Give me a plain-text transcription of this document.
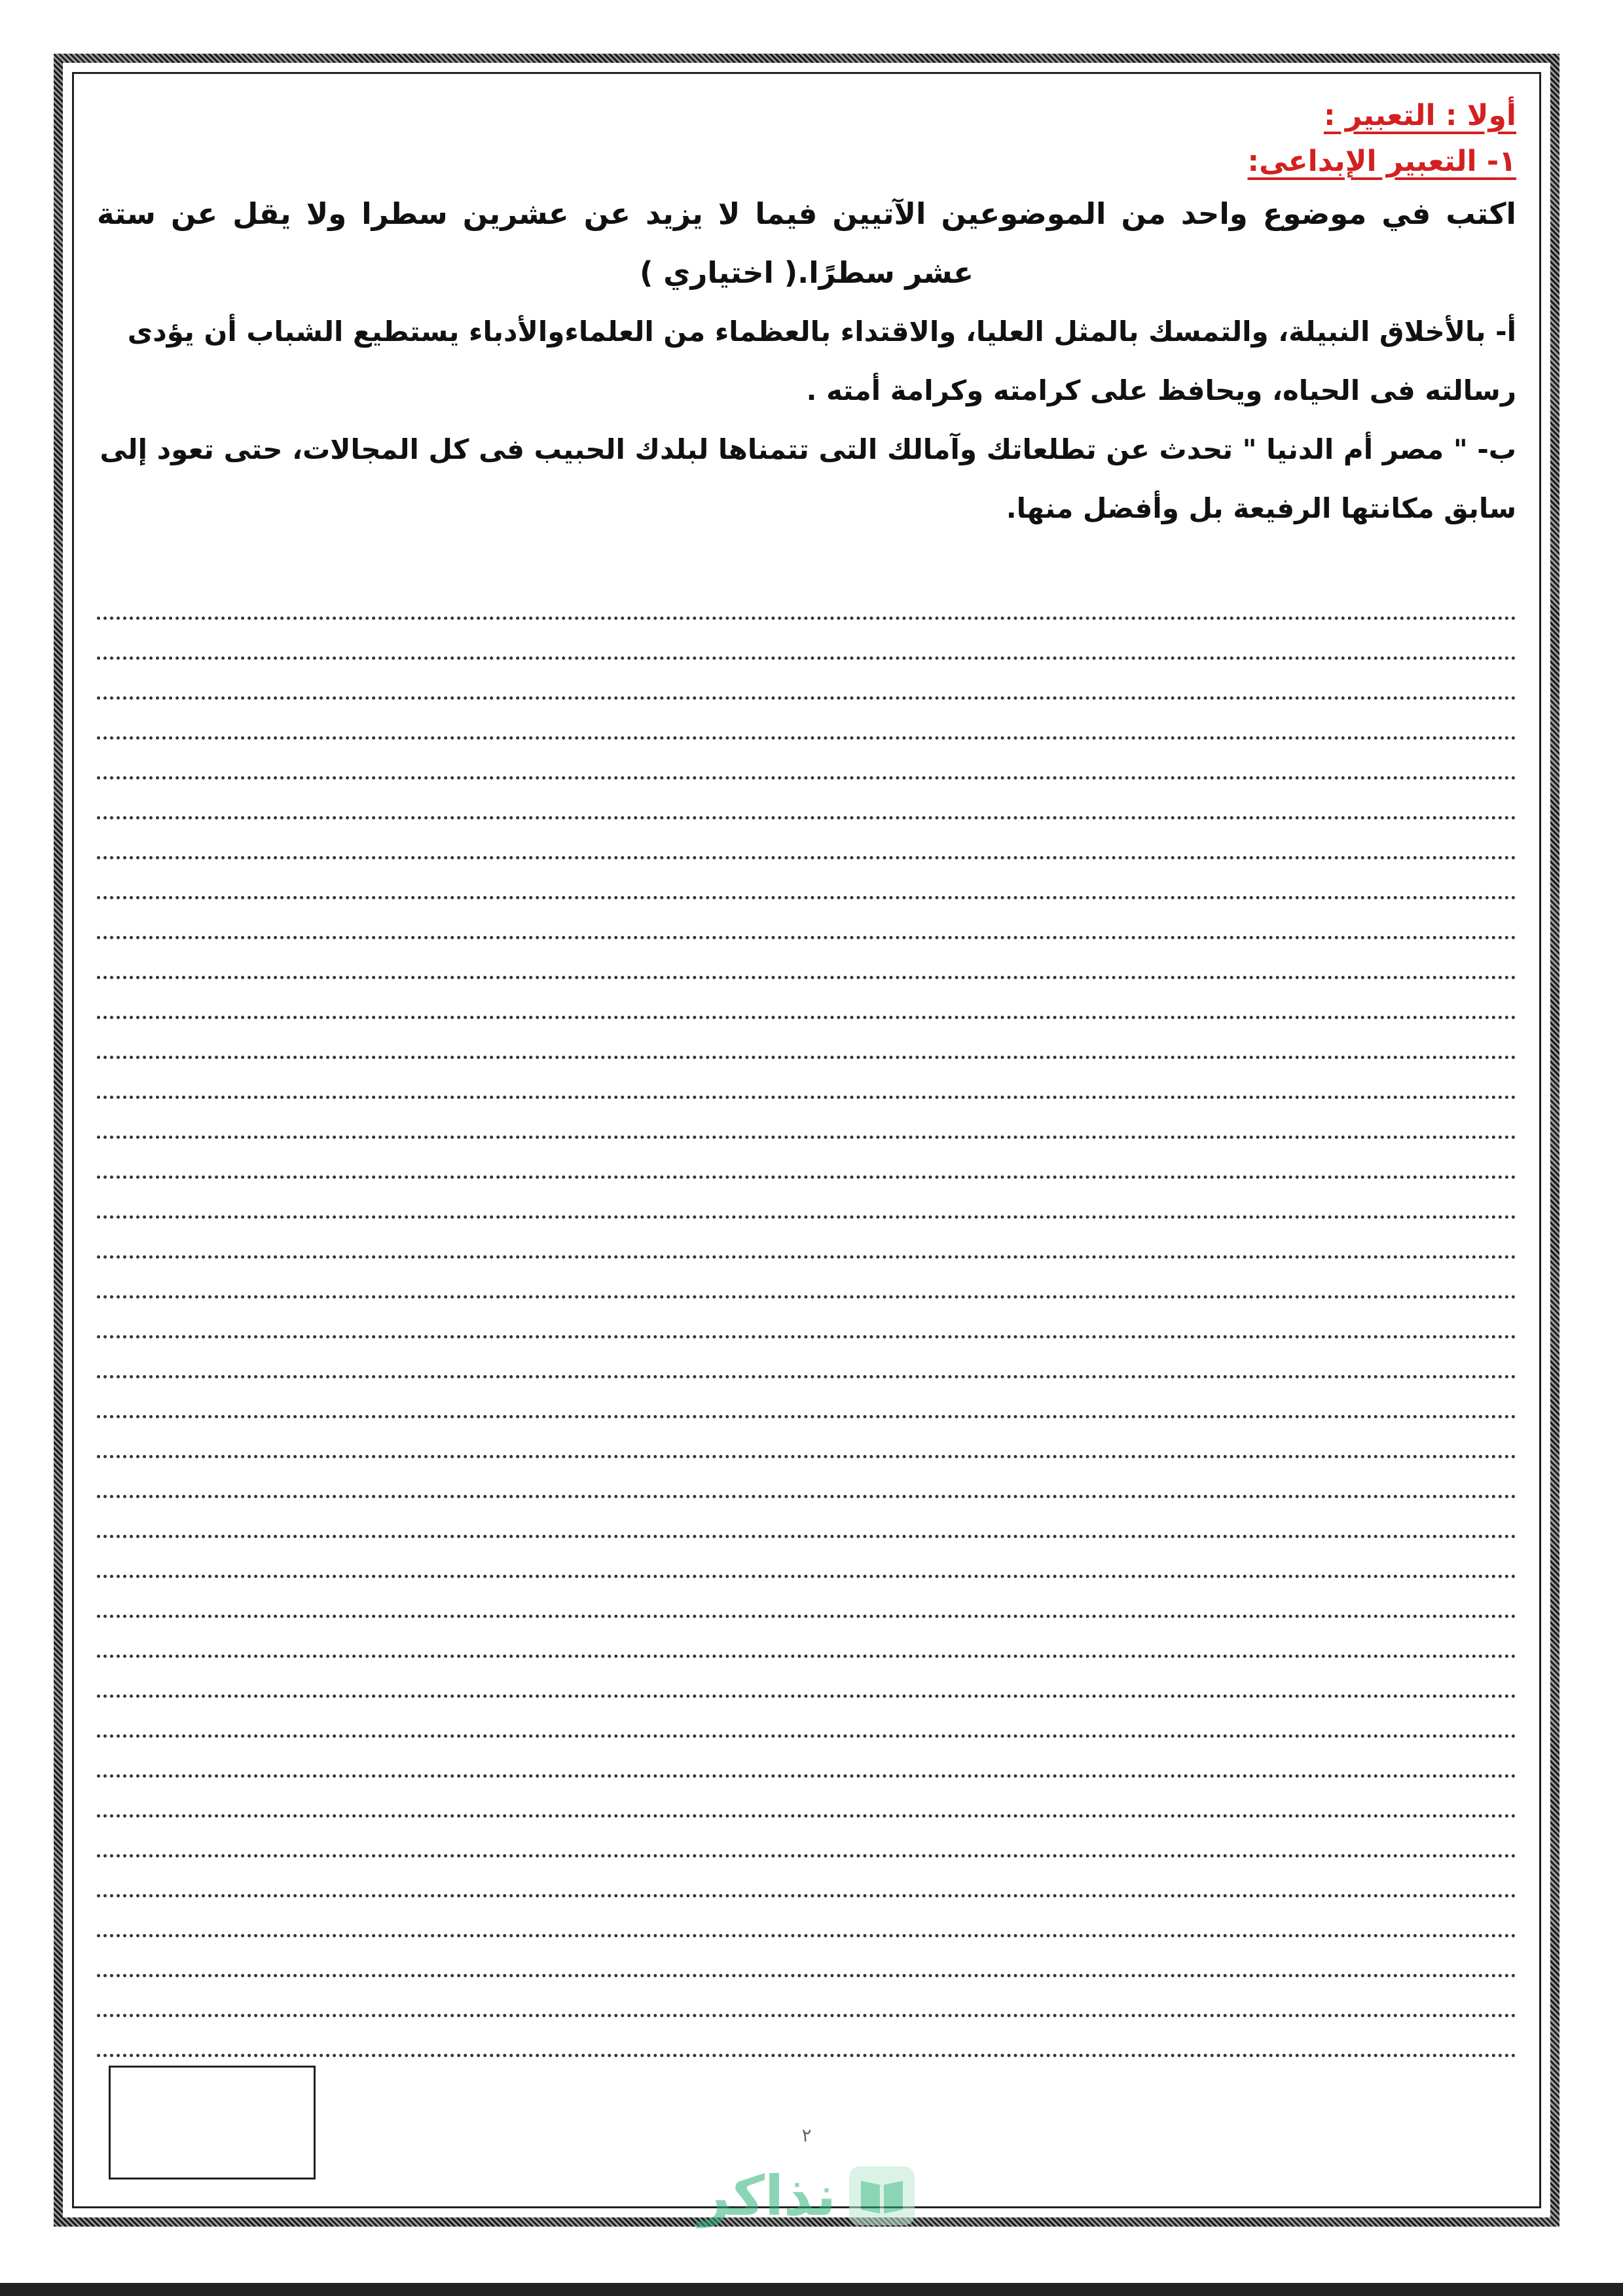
أولا : التعبير :
١- التعبير الإبداعى:
اكتب في موضوع واحد من الموضوعين الآتيين فيما لا يزيد عن عشرين سطرا ولا يقل عن ستة عشر سطرًا.( اختياري )
أ- بالأخلاق النبيلة، والتمسك بالمثل العليا، والاقتداء بالعظماء من العلماءوالأدباء يستطيع الشباب أن يؤدى رسالته فى الحياه، ويحافظ على كرامته وكرامة أمته .
ب- " مصر أم الدنيا " تحدث عن تطلعاتك وآمالك التى تتمناها لبلدك الحبيب فى كل المجالات، حتى تعود إلى سابق مكانتها الرفيعة بل وأفضل منها.
٢
نذاكر
